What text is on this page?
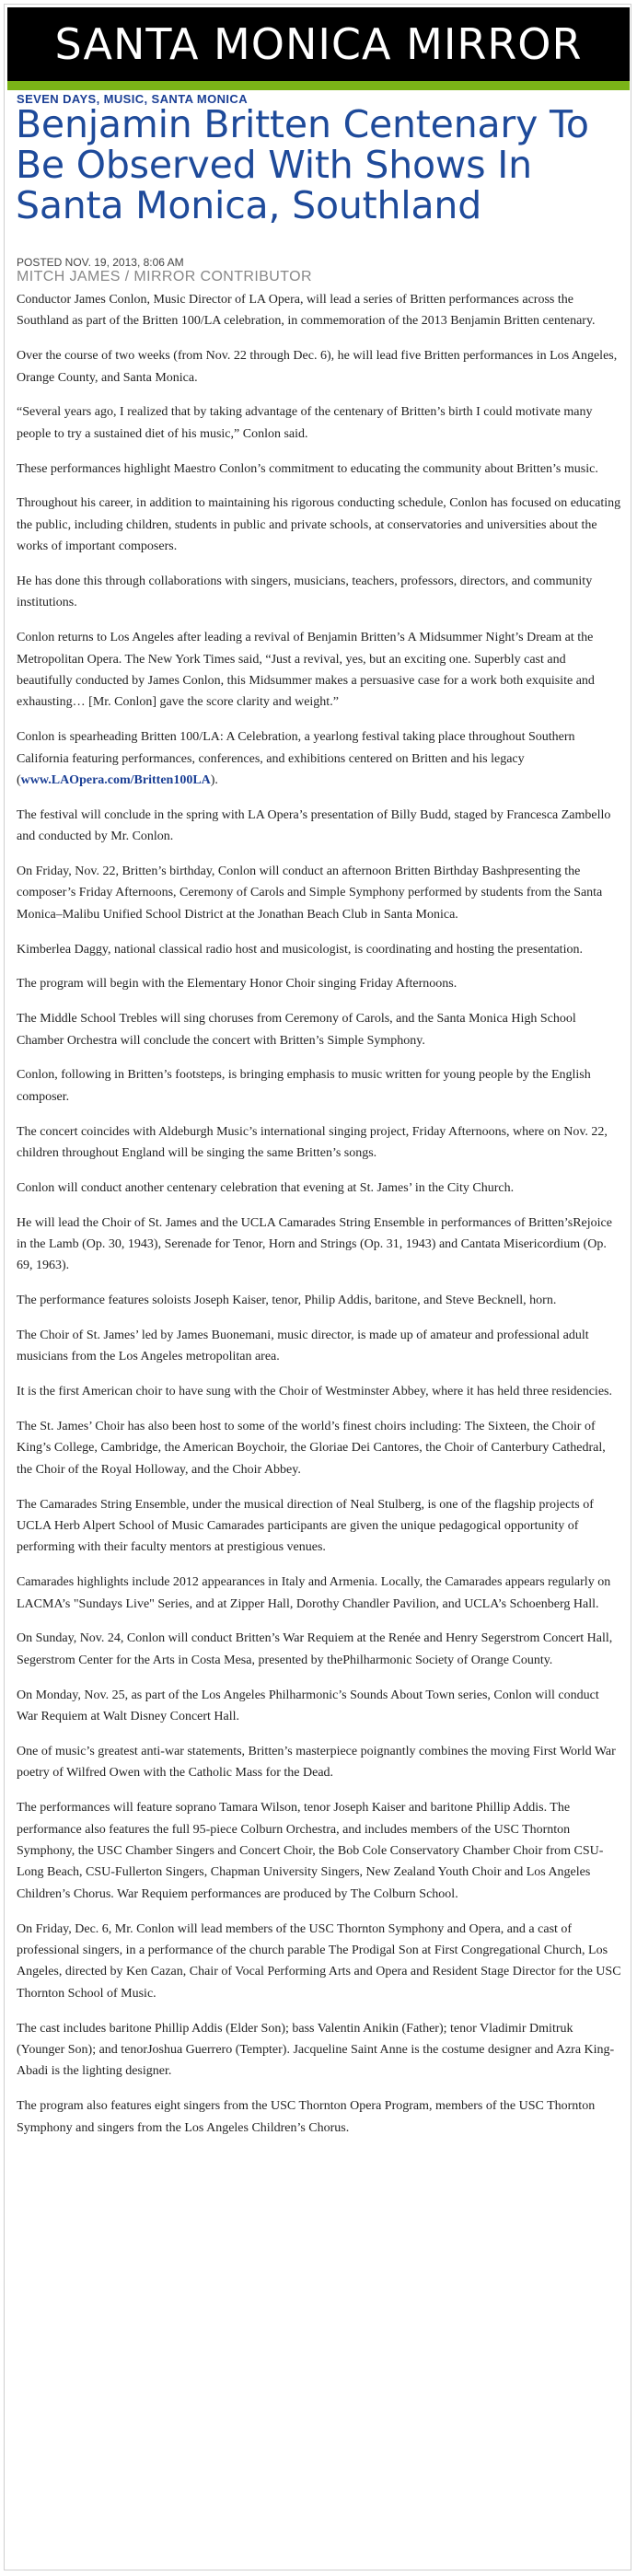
SANTA MONICA MIRROR
SEVEN DAYS, MUSIC, SANTA MONICA
Benjamin Britten Centenary To Be Observed With Shows In Santa Monica, Southland
POSTED NOV. 19, 2013, 8:06 AM
MITCH JAMES / MIRROR CONTRIBUTOR

Conductor James Conlon, Music Director of LA Opera, will lead a series of Britten performances across the Southland as part of the Britten 100/LA celebration, in commemoration of the 2013 Benjamin Britten centenary.

Over the course of two weeks (from Nov. 22 through Dec. 6), he will lead five Britten performances in Los Angeles, Orange County, and Santa Monica.

“Several years ago, I realized that by taking advantage of the centenary of Britten’s birth I could motivate many people to try a sustained diet of his music,” Conlon said.

These performances highlight Maestro Conlon’s commitment to educating the community about Britten’s music.

Throughout his career, in addition to maintaining his rigorous conducting schedule, Conlon has focused on educating the public, including children, students in public and private schools, at conservatories and universities about the works of important composers.

He has done this through collaborations with singers, musicians, teachers, professors, directors, and community institutions.

Conlon returns to Los Angeles after leading a revival of Benjamin Britten’s A Midsummer Night’s Dream at the Metropolitan Opera. The New York Times said, “Just a revival, yes, but an exciting one. Superbly cast and beautifully conducted by James Conlon, this Midsummer makes a persuasive case for a work both exquisite and exhausting… [Mr. Conlon] gave the score clarity and weight.”

Conlon is spearheading Britten 100/LA: A Celebration, a yearlong festival taking place throughout Southern California featuring performances, conferences, and exhibitions centered on Britten and his legacy (www.LAOpera.com/Britten100LA).

The festival will conclude in the spring with LA Opera’s presentation of Billy Budd, staged by Francesca Zambello and conducted by Mr. Conlon.

On Friday, Nov. 22, Britten’s birthday, Conlon will conduct an afternoon Britten Birthday Bashpresenting the composer’s Friday Afternoons, Ceremony of Carols and Simple Symphony performed by students from the Santa Monica–Malibu Unified School District at the Jonathan Beach Club in Santa Monica.

Kimberlea Daggy, national classical radio host and musicologist, is coordinating and hosting the presentation.

The program will begin with the Elementary Honor Choir singing Friday Afternoons.

The Middle School Trebles will sing choruses from Ceremony of Carols, and the Santa Monica High School Chamber Orchestra will conclude the concert with Britten’s Simple Symphony.

Conlon, following in Britten’s footsteps, is bringing emphasis to music written for young people by the English composer.

The concert coincides with Aldeburgh Music’s international singing project, Friday Afternoons, where on Nov. 22, children throughout England will be singing the same Britten’s songs.

Conlon will conduct another centenary celebration that evening at St. James’ in the City Church.

He will lead the Choir of St. James and the UCLA Camarades String Ensemble in performances of Britten’sRejoice in the Lamb (Op. 30, 1943), Serenade for Tenor, Horn and Strings (Op. 31, 1943) and Cantata Misericordium (Op. 69, 1963).

The performance features soloists Joseph Kaiser, tenor, Philip Addis, baritone, and Steve Becknell, horn.

The Choir of St. James’ led by James Buonemani, music director, is made up of amateur and professional adult musicians from the Los Angeles metropolitan area.

It is the first American choir to have sung with the Choir of Westminster Abbey, where it has held three residencies.

The St. James’ Choir has also been host to some of the world’s finest choirs including: The Sixteen, the Choir of King’s College, Cambridge, the American Boychoir, the Gloriae Dei Cantores, the Choir of Canterbury Cathedral, the Choir of the Royal Holloway, and the Choir Abbey.

The Camarades String Ensemble, under the musical direction of Neal Stulberg, is one of the flagship projects of UCLA Herb Alpert School of Music Camarades participants are given the unique pedagogical opportunity of performing with their faculty mentors at prestigious venues.

Camarades highlights include 2012 appearances in Italy and Armenia. Locally, the Camarades appears regularly on LACMA’s "Sundays Live" Series, and at Zipper Hall, Dorothy Chandler Pavilion, and UCLA’s Schoenberg Hall.

On Sunday, Nov. 24, Conlon will conduct Britten’s War Requiem at the Renée and Henry Segerstrom Concert Hall, Segerstrom Center for the Arts in Costa Mesa, presented by thePhilharmonic Society of Orange County.

On Monday, Nov. 25, as part of the Los Angeles Philharmonic’s Sounds About Town series, Conlon will conduct War Requiem at Walt Disney Concert Hall.

One of music’s greatest anti-war statements, Britten’s masterpiece poignantly combines the moving First World War poetry of Wilfred Owen with the Catholic Mass for the Dead.

The performances will feature soprano Tamara Wilson, tenor Joseph Kaiser and baritone Phillip Addis. The performance also features the full 95-piece Colburn Orchestra, and includes members of the USC Thornton Symphony, the USC Chamber Singers and Concert Choir, the Bob Cole Conservatory Chamber Choir from CSU-Long Beach, CSU-Fullerton Singers, Chapman University Singers, New Zealand Youth Choir and Los Angeles Children’s Chorus. War Requiem performances are produced by The Colburn School.

On Friday, Dec. 6, Mr. Conlon will lead members of the USC Thornton Symphony and Opera, and a cast of professional singers, in a performance of the church parable The Prodigal Son at First Congregational Church, Los Angeles, directed by Ken Cazan, Chair of Vocal Performing Arts and Opera and Resident Stage Director for the USC Thornton School of Music.

The cast includes baritone Phillip Addis (Elder Son); bass Valentin Anikin (Father); tenor Vladimir Dmitruk (Younger Son); and tenorJoshua Guerrero (Tempter). Jacqueline Saint Anne is the costume designer and Azra King-Abadi is the lighting designer.

The program also features eight singers from the USC Thornton Opera Program, members of the USC Thornton Symphony and singers from the Los Angeles Children’s Chorus.
